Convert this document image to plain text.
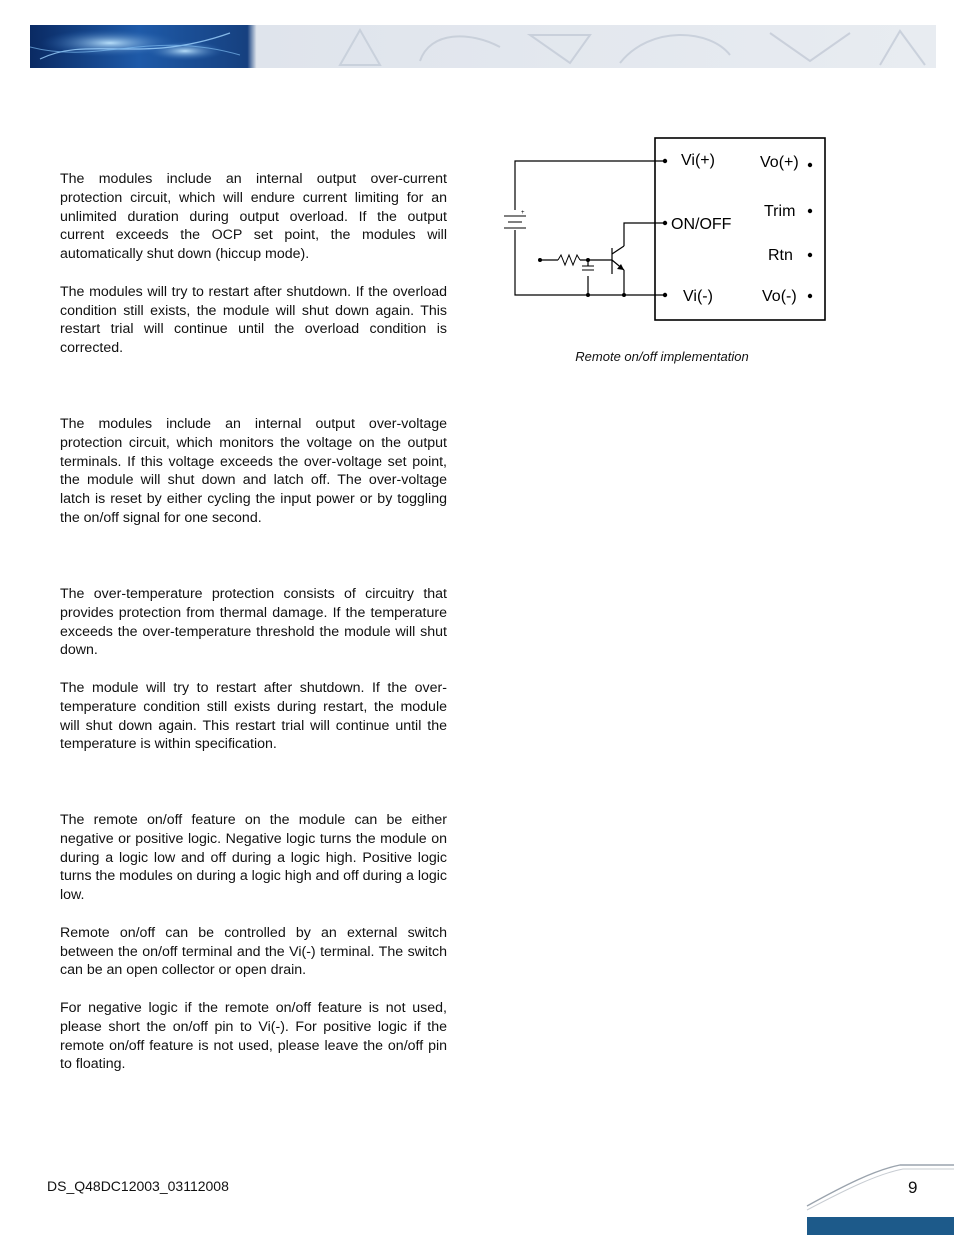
The modules include an internal output over-current protection circuit, which will endure current limiting for an unlimited duration during output overload. If the output current exceeds the OCP set point, the modules will automatically shut down (hiccup mode).

The modules will try to restart after shutdown. If the overload condition still exists, the module will shut down again. This restart trial will continue until the overload condition is corrected.

The modules include an internal output over-voltage protection circuit, which monitors the voltage on the output terminals. If this voltage exceeds the over-voltage set point, the module will shut down and latch off. The over-voltage latch is reset by either cycling the input power or by toggling the on/off signal for one second.

The over-temperature protection consists of circuitry that provides protection from thermal damage. If the temperature exceeds the over-temperature threshold the module will shut down.

The module will try to restart after shutdown. If the over-temperature condition still exists during restart, the module will shut down again. This restart trial will continue until the temperature is within specification.

The remote on/off feature on the module can be either negative or positive logic. Negative logic turns the module on during a logic low and off during a logic high. Positive logic turns the modules on during a logic high and off during a logic low.

Remote on/off can be controlled by an external switch between the on/off terminal and the Vi(-) terminal. The switch can be an open collector or open drain.

For negative logic if the remote on/off feature is not used, please short the on/off pin to Vi(-). For positive logic if the remote on/off feature is not used, please leave the on/off pin to floating.

Vi(+)
ON/OFF
Vi(-)
Vo(+)
Trim
Rtn
Vo(-)
+
Remote on/off implementation
DS_Q48DC12003_03112008	9
